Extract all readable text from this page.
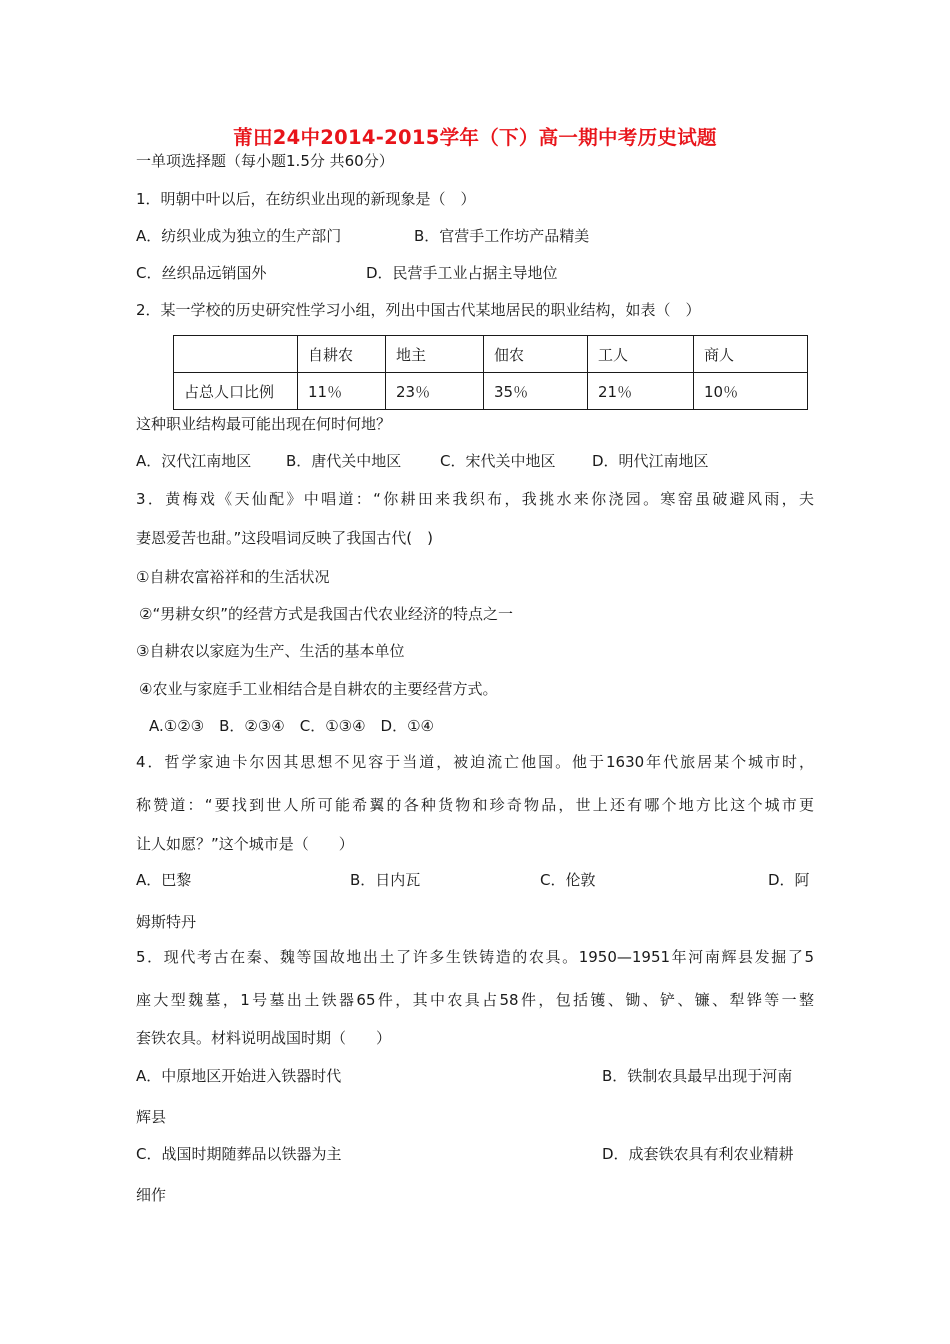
莆田24中2014-2015学年（下）高一期中考历史试题
一单项选择题（每小题1.5分 共60分）
1．明朝中叶以后，在纺织业出现的新现象是（　）
A．纺织业成为独立的生产部门	B．官营手工作坊产品精美
C．丝织品远销国外	D．民营手工业占据主导地位
2．某一学校的历史研究性学习小组，列出中国古代某地居民的职业结构，如表（　）
	自耕农	地主	佃农	工人	商人
占总人口比例	11％	23％	35％	21％	10％
这种职业结构最可能出现在何时何地？
A．汉代江南地区 B．唐代关中地区	C．宋代关中地区 D．明代江南地区
3．黄梅戏《天仙配》中唱道：“你耕田来我织布，我挑水来你浇园。寒窑虽破避风雨，夫
妻恩爱苦也甜。”这段唱词反映了我国古代(　)
①自耕农富裕祥和的生活状况
②“男耕女织”的经营方式是我国古代农业经济的特点之一
③自耕农以家庭为生产、生活的基本单位
④农业与家庭手工业相结合是自耕农的主要经营方式。
A.①②③　B．②③④　C．①③④　D．①④
4．哲学家迪卡尔因其思想不见容于当道，被迫流亡他国。他于1630年代旅居某个城市时，
称赞道：“要找到世人所可能希翼的各种货物和珍奇物品，世上还有哪个地方比这个城市更
让人如愿？”这个城市是（　　）
A．巴黎	B．日内瓦	C．伦敦	D．阿
姆斯特丹
5．现代考古在秦、魏等国故地出土了许多生铁铸造的农具。1950—1951年河南辉县发掘了5
座大型魏墓，1号墓出土铁器65件，其中农具占58件，包括镬、锄、铲、镰、犁铧等一整
套铁农具。材料说明战国时期（　　）
A．中原地区开始进入铁器时代	B．铁制农具最早出现于河南
辉县
C．战国时期随葬品以铁器为主	D．成套铁农具有利农业精耕
细作
